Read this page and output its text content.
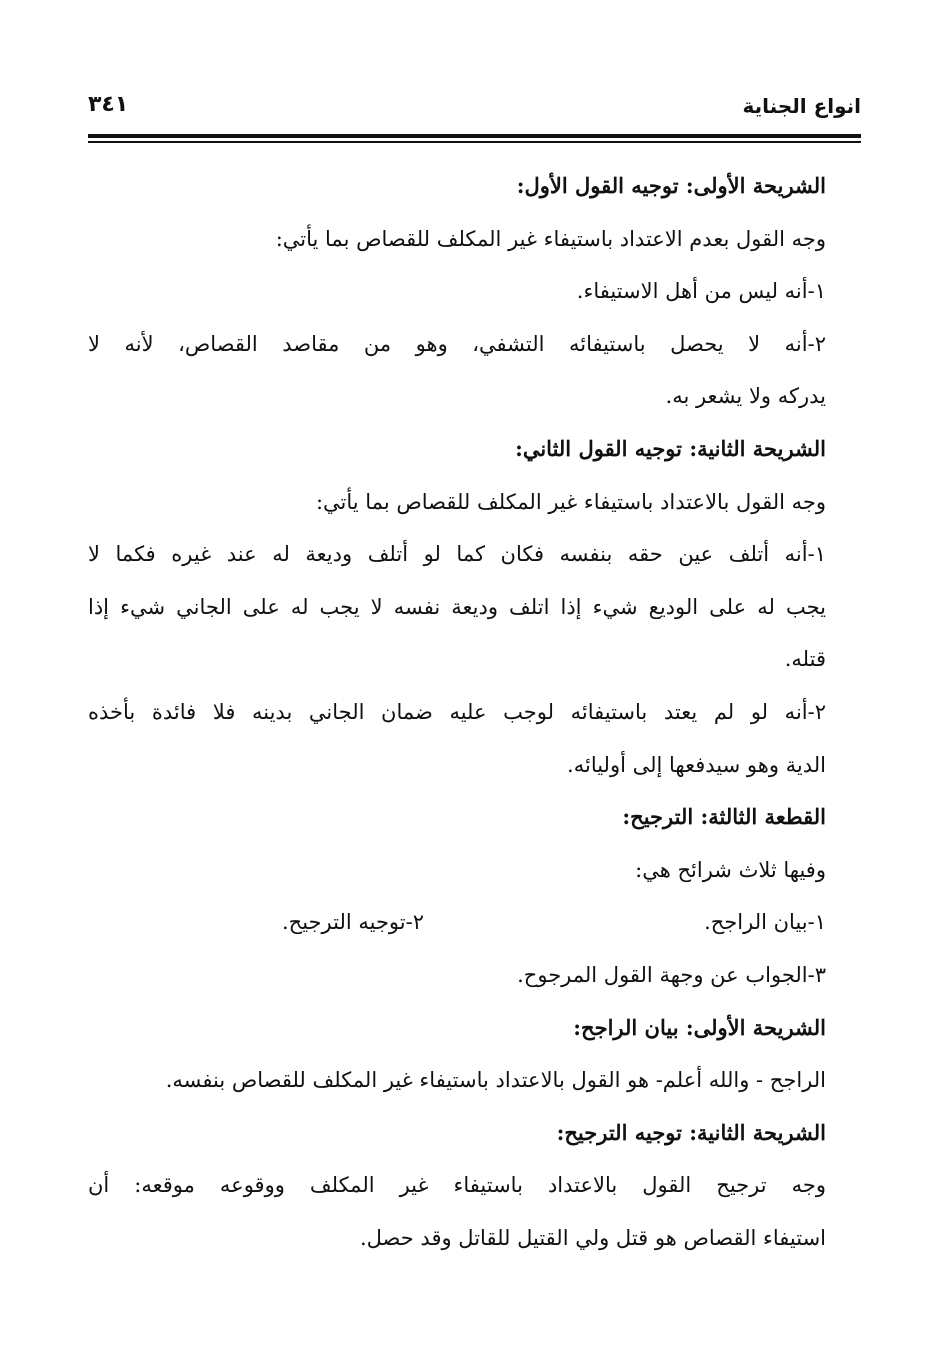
انواع الجناية
٣٤١
الشريحة الأولى: توجيه القول الأول:
وجه القول بعدم الاعتداد باستيفاء غير المكلف للقصاص بما يأتي:
١-أنه ليس من أهل الاستيفاء.
٢-أنه لا يحصل باستيفائه التشفي، وهو من مقاصد القصاص، لأنه لا
يدركه ولا يشعر به.
الشريحة الثانية: توجيه القول الثاني:
وجه القول بالاعتداد باستيفاء غير المكلف للقصاص بما يأتي:
١-أنه أتلف عين حقه بنفسه فكان كما لو أتلف وديعة له عند غيره فكما لا
يجب له على الوديع شيء إذا اتلف وديعة نفسه لا يجب له على الجاني شيء إذا
قتله.
٢-أنه لو لم يعتد باستيفائه لوجب عليه ضمان الجاني بدينه فلا فائدة بأخذه
الدية وهو سيدفعها إلى أوليائه.
القطعة الثالثة: الترجيح:
وفيها ثلاث شرائح هي:
١-بيان الراجح.
٢-توجيه الترجيح.
٣-الجواب عن وجهة القول المرجوح.
الشريحة الأولى: بيان الراجح:
الراجح - والله أعلم- هو القول بالاعتداد باستيفاء غير المكلف للقصاص بنفسه.
الشريحة الثانية: توجيه الترجيح:
وجه ترجيح القول بالاعتداد باستيفاء غير المكلف ووقوعه موقعه: أن
استيفاء القصاص هو قتل ولي القتيل للقاتل وقد حصل.
